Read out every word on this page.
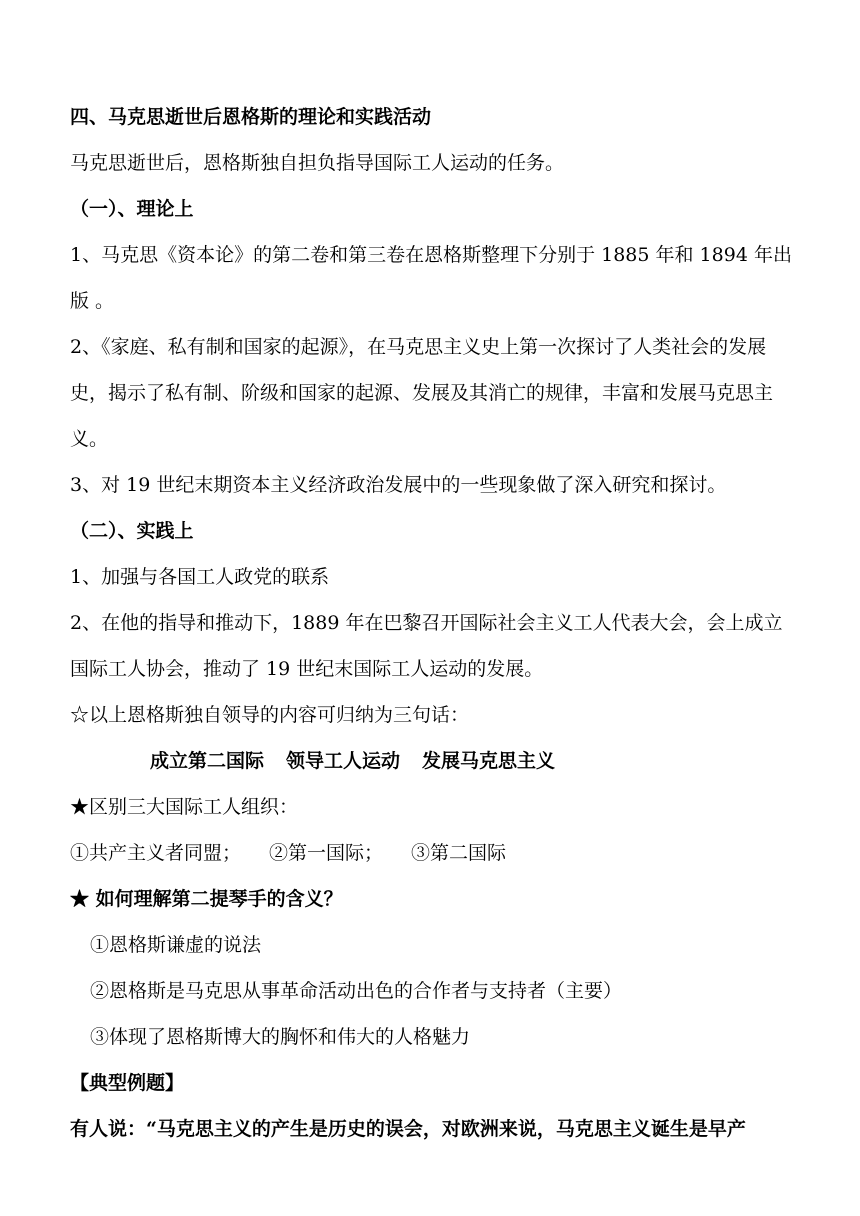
四、马克思逝世后恩格斯的理论和实践活动

马克思逝世后，恩格斯独自担负指导国际工人运动的任务。

（一）、理论上

1、马克思《资本论》的第二卷和第三卷在恩格斯整理下分别于 1885 年和 1894 年出版 。

2、《家庭、私有制和国家的起源》，在马克思主义史上第一次探讨了人类社会的发展史，揭示了私有制、阶级和国家的起源、发展及其消亡的规律，丰富和发展马克思主义。

3、对 19 世纪末期资本主义经济政治发展中的一些现象做了深入研究和探讨。

（二）、实践上

1、加强与各国工人政党的联系

2、在他的指导和推动下，1889 年在巴黎召开国际社会主义工人代表大会，会上成立国际工人协会，推动了 19 世纪末国际工人运动的发展。

☆以上恩格斯独自领导的内容可归纳为三句话：

成立第二国际 领导工人运动 发展马克思主义

★区别三大国际工人组织：

①共产主义者同盟； ②第一国际； ③第二国际

★ 如何理解第二提琴手的含义？

①恩格斯谦虚的说法

②恩格斯是马克思从事革命活动出色的合作者与支持者（主要）

③体现了恩格斯博大的胸怀和伟大的人格魅力

【典型例题】

有人说：“马克思主义的产生是历史的误会，对欧洲来说，马克思主义诞生是早产
